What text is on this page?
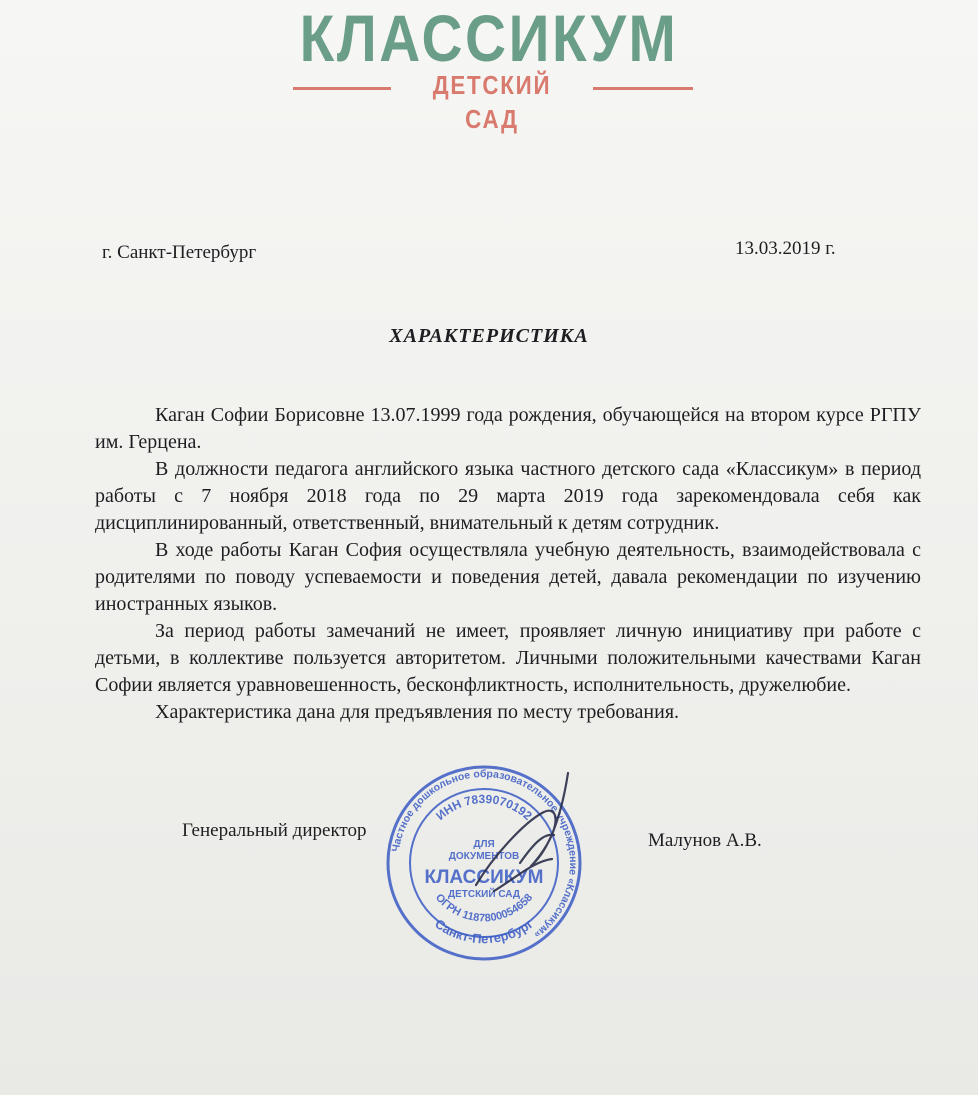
КЛАССИКУМ
ДЕТСКИЙ САД
г. Санкт-Петербург	13.03.2019 г.
ХАРАКТЕРИСТИКА

Каган Софии Борисовне 13.07.1999 года рождения, обучающейся на втором курсе РГПУ им. Герцена.

В должности педагога английского языка частного детского сада «Классикум» в период работы с 7 ноября 2018 года по 29 марта 2019 года зарекомендовала себя как дисциплинированный, ответственный, внимательный к детям сотрудник.

В ходе работы Каган София осуществляла учебную деятельность, взаимодействовала с родителями по поводу успеваемости и поведения детей, давала рекомендации по изучению иностранных языков.

За период работы замечаний не имеет, проявляет личную инициативу при работе с детьми, в коллективе пользуется авторитетом. Личными положительными качествами Каган Софии является уравновешенность, бесконфликтность, исполнительность, дружелюбие.

Характеристика дана для предъявления по месту требования.

Генеральный директор	Малунов А.В.
Частное дошкольное образовательное учреждение «Классикум»
ИНН 7839070192
ДЛЯ
ДОКУМЕНТОВ
КЛАССИКУМ
ДЕТСКИЙ САД
ОГРН 1187800054658
Санкт-Петербург
